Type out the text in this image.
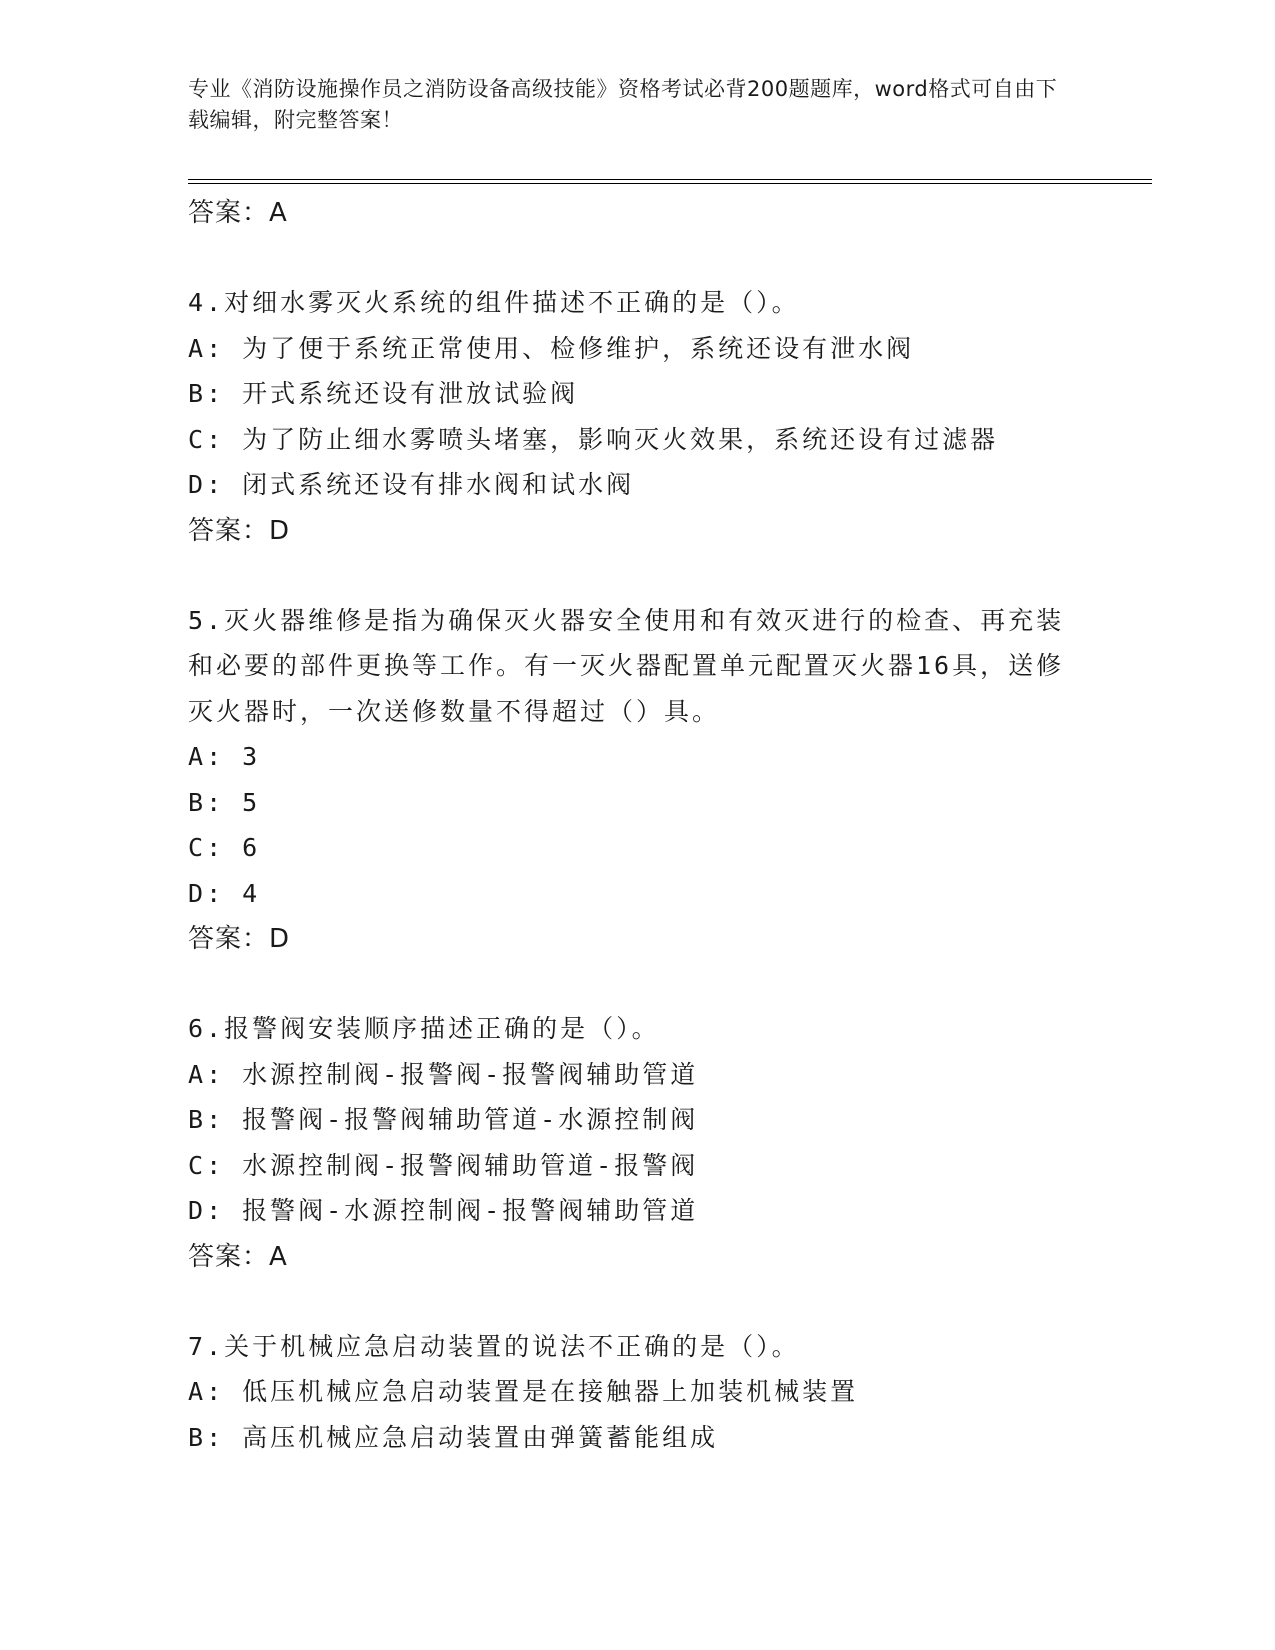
专业《消防设施操作员之消防设备高级技能》资格考试必背200题题库，word格式可自由下载编辑，附完整答案！
答案：A
4.对细水雾灭火系统的组件描述不正确的是（）。
A: 为了便于系统正常使用、检修维护，系统还设有泄水阀
B: 开式系统还设有泄放试验阀
C: 为了防止细水雾喷头堵塞，影响灭火效果，系统还设有过滤器
D: 闭式系统还设有排水阀和试水阀
答案：D
5.灭火器维修是指为确保灭火器安全使用和有效灭进行的检查、再充装和必要的部件更换等工作。有一灭火器配置单元配置灭火器16具，送修灭火器时，一次送修数量不得超过（）具。
A: 3
B: 5
C: 6
D: 4
答案：D
6.报警阀安装顺序描述正确的是（）。
A: 水源控制阀-报警阀-报警阀辅助管道
B: 报警阀-报警阀辅助管道-水源控制阀
C: 水源控制阀-报警阀辅助管道-报警阀
D: 报警阀-水源控制阀-报警阀辅助管道
答案：A
7.关于机械应急启动装置的说法不正确的是（）。
A: 低压机械应急启动装置是在接触器上加装机械装置
B: 高压机械应急启动装置由弹簧蓄能组成
